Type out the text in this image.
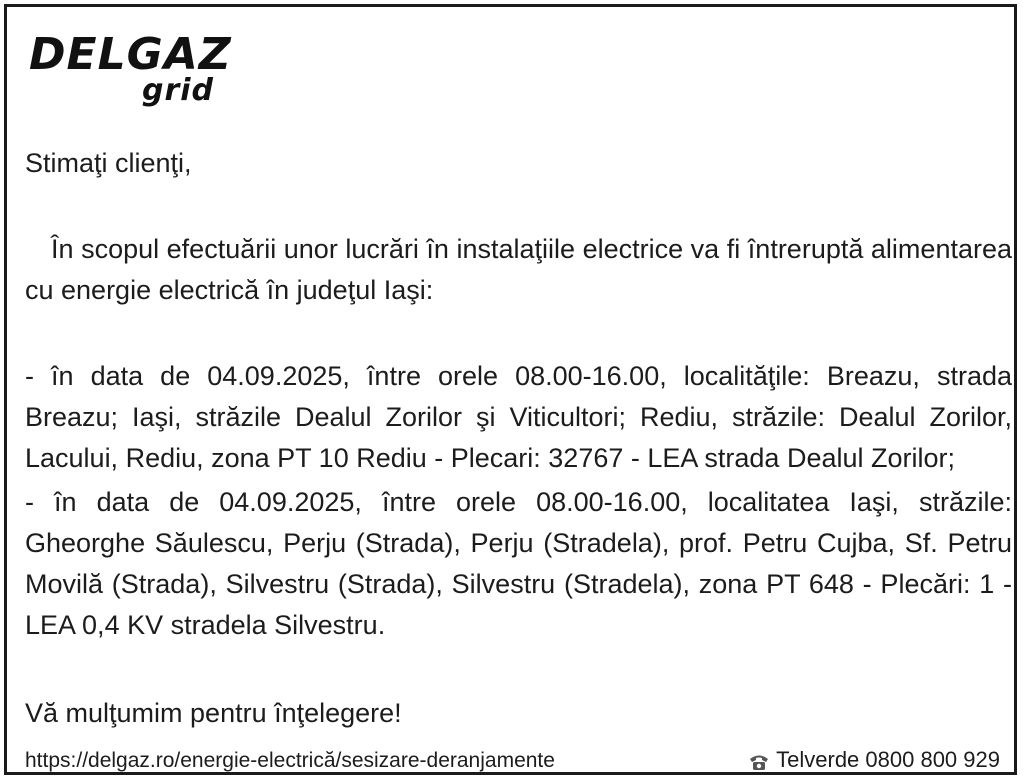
DELGAZ
grid
Stimaţi clienţi,
În scopul efectuării unor lucrări în instalaţiile electrice va fi întreruptă alimentarea cu energie electrică în judeţul Iaşi:
- în data de 04.09.2025, între orele 08.00-16.00, localităţile: Breazu, strada Breazu; Iaşi, străzile Dealul Zorilor şi Viticultori; Rediu, străzile: Dealul Zorilor, Lacului, Rediu, zona PT 10 Rediu - Plecari: 32767 - LEA strada Dealul Zorilor;
- în data de 04.09.2025, între orele 08.00-16.00, localitatea Iaşi, străzile: Gheorghe Săulescu, Perju (Strada), Perju (Stradela), prof. Petru Cujba, Sf. Petru Movilă (Strada), Silvestru (Strada), Silvestru (Stradela), zona PT 648 - Plecări: 1 - LEA 0,4 KV stradela Silvestru.
Vă mulţumim pentru înţelegere!
https://delgaz.ro/energie-electrică/sesizare-deranjamente	Telverde 0800 800 929
